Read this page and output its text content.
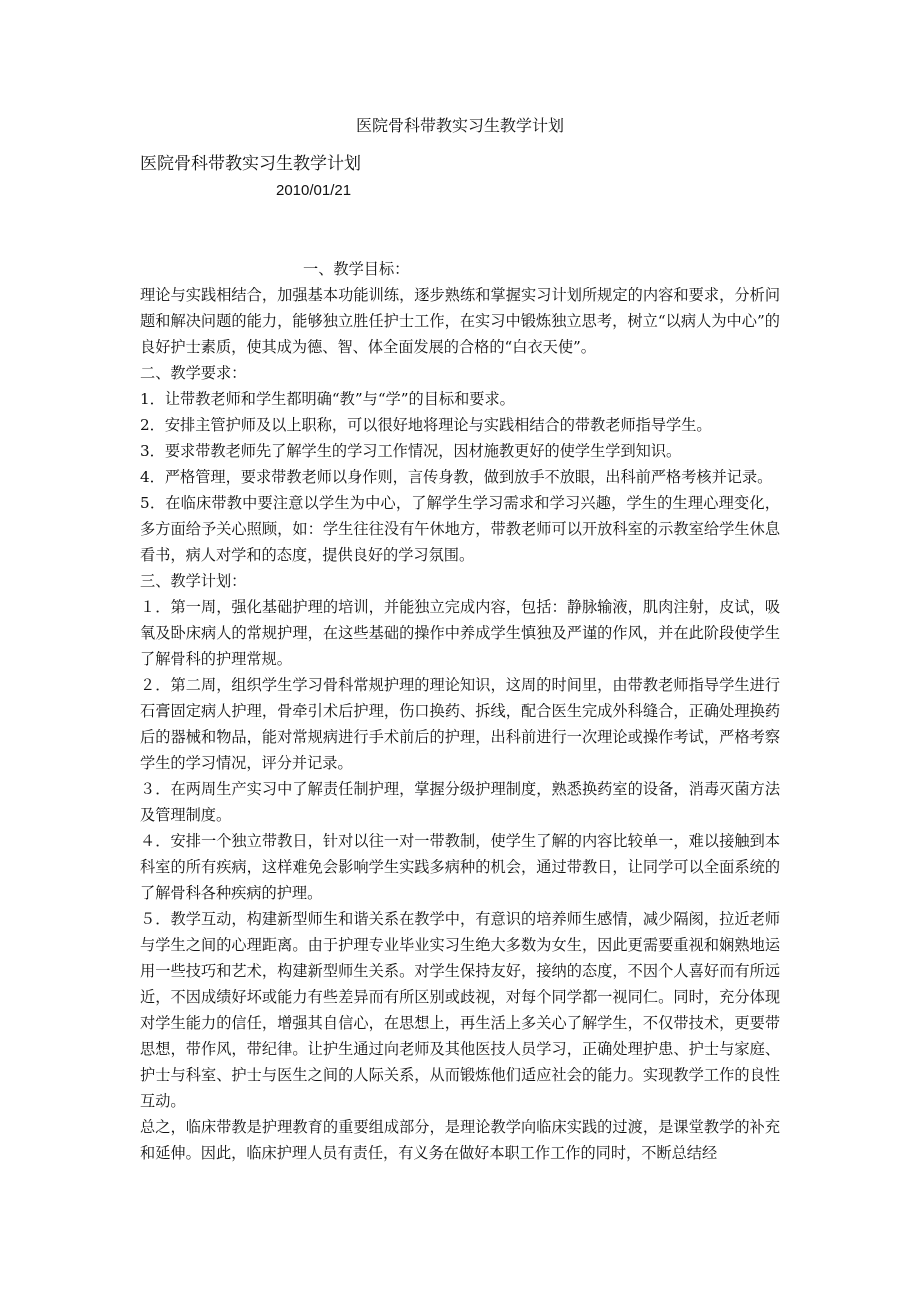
医院骨科带教实习生教学计划
医院骨科带教实习生教学计划
2010/01/21

一、教学目标：

理论与实践相结合，加强基本功能训练，逐步熟练和掌握实习计划所规定的内容和要求，分析问题和解决问题的能力，能够独立胜任护士工作，在实习中锻炼独立思考，树立“以病人为中心”的良好护士素质，使其成为德、智、体全面发展的合格的“白衣天使”。

二、教学要求：

1．让带教老师和学生都明确“教”与“学”的目标和要求。

2．安排主管护师及以上职称，可以很好地将理论与实践相结合的带教老师指导学生。

3．要求带教老师先了解学生的学习工作情况，因材施教更好的使学生学到知识。

4．严格管理，要求带教老师以身作则，言传身教，做到放手不放眼，出科前严格考核并记录。

5．在临床带教中要注意以学生为中心，了解学生学习需求和学习兴趣，学生的生理心理变化，多方面给予关心照顾，如：学生往往没有午休地方，带教老师可以开放科室的示教室给学生休息看书，病人对学和的态度，提供良好的学习氛围。

三、教学计划：

１．第一周，强化基础护理的培训，并能独立完成内容，包括：静脉输液，肌肉注射，皮试，吸氧及卧床病人的常规护理，在这些基础的操作中养成学生慎独及严谨的作风，并在此阶段使学生了解骨科的护理常规。

２．第二周，组织学生学习骨科常规护理的理论知识，这周的时间里，由带教老师指导学生进行石膏固定病人护理，骨牵引术后护理，伤口换药、拆线，配合医生完成外科缝合，正确处理换药后的器械和物品，能对常规病进行手术前后的护理，出科前进行一次理论或操作考试，严格考察学生的学习情况，评分并记录。

３．在两周生产实习中了解责任制护理，掌握分级护理制度，熟悉换药室的设备，消毒灭菌方法及管理制度。

４．安排一个独立带教日，针对以往一对一带教制，使学生了解的内容比较单一，难以接触到本科室的所有疾病，这样难免会影响学生实践多病种的机会，通过带教日，让同学可以全面系统的了解骨科各种疾病的护理。

５．教学互动，构建新型师生和谐关系在教学中，有意识的培养师生感情，减少隔阂，拉近老师与学生之间的心理距离。由于护理专业毕业实习生绝大多数为女生，因此更需要重视和娴熟地运用一些技巧和艺术，构建新型师生关系。对学生保持友好，接纳的态度，不因个人喜好而有所远近，不因成绩好坏或能力有些差异而有所区别或歧视，对每个同学都一视同仁。同时，充分体现对学生能力的信任，增强其自信心，在思想上，再生活上多关心了解学生，不仅带技术，更要带思想，带作风，带纪律。让护生通过向老师及其他医技人员学习，正确处理护患、护士与家庭、护士与科室、护士与医生之间的人际关系，从而锻炼他们适应社会的能力。实现教学工作的良性互动。

总之，临床带教是护理教育的重要组成部分，是理论教学向临床实践的过渡，是课堂教学的补充和延伸。因此，临床护理人员有责任，有义务在做好本职工作工作的同时，不断总结经
